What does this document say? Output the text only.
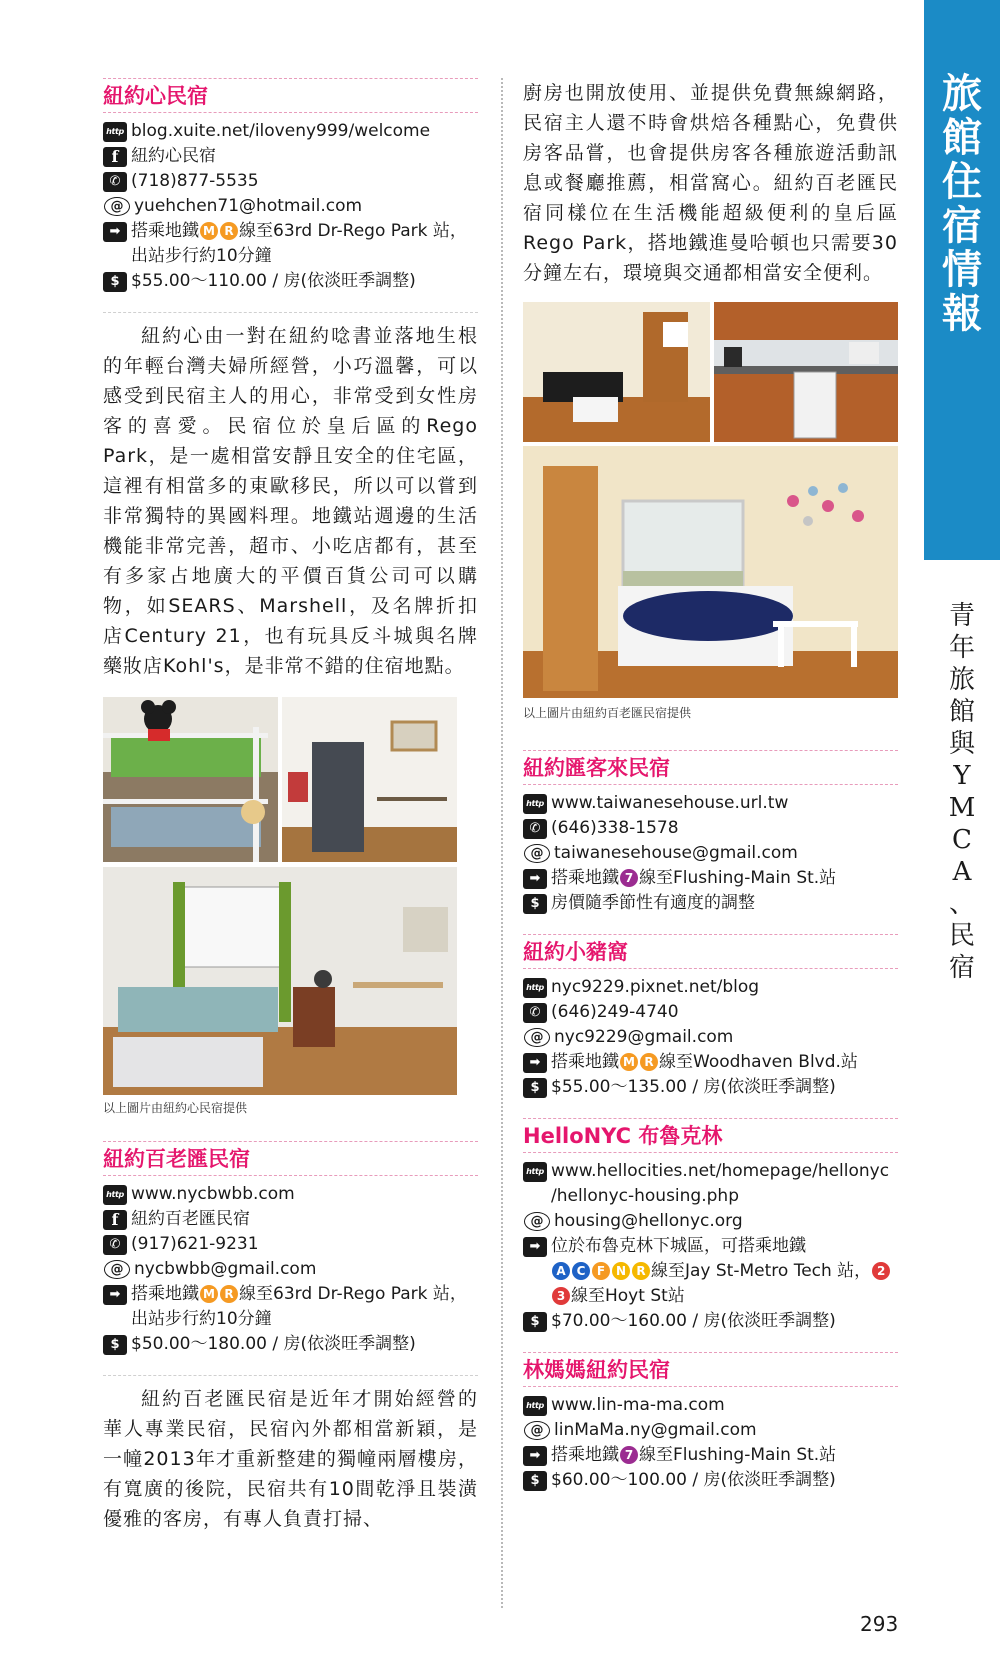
旅
館
住
宿
情
報
青
年
旅
館
與
Y
M
C
A
、
民
宿
紐約心民宿
http blog.xuite.net/iloveny999/welcome
f 紐約心民宿
✆ (718)877-5535
@ yuehchen71@hotmail.com
➡ 搭乘地鐵 M R 線至63rd Dr-Rego Park 站，出站步行約10分鐘
$ $55.00〜110.00 / 房(依淡旺季調整)

紐約心由一對在紐約唸書並落地生根的年輕台灣夫婦所經營，小巧溫馨，可以感受到民宿主人的用心，非常受到女性房客的喜愛。民宿位於皇后區的Rego Park，是一處相當安靜且安全的住宅區，這裡有相當多的東歐移民，所以可以嘗到非常獨特的異國料理。地鐵站週邊的生活機能非常完善，超市、小吃店都有，甚至有多家占地廣大的平價百貨公司可以購物，如SEARS、Marshell，及名牌折扣店Century 21，也有玩具反斗城與名牌藥妝店Kohl's，是非常不錯的住宿地點。

以上圖片由紐約心民宿提供
紐約百老匯民宿
http www.nycbwbb.com
f 紐約百老匯民宿
✆ (917)621-9231
@ nycbwbb@gmail.com
➡ 搭乘地鐵 M R 線至63rd Dr-Rego Park 站，出站步行約10分鐘
$ $50.00〜180.00 / 房(依淡旺季調整)

紐約百老匯民宿是近年才開始經營的華人專業民宿，民宿內外都相當新穎，是一幢2013年才重新整建的獨幢兩層樓房，有寬廣的後院，民宿共有10間乾淨且裝潢優雅的客房，有專人負責打掃、

廚房也開放使用、並提供免費無線網路，民宿主人還不時會烘焙各種點心，免費供房客品嘗，也會提供房客各種旅遊活動訊息或餐廳推薦，相當窩心。紐約百老匯民宿同樣位在生活機能超級便利的皇后區Rego Park，搭地鐵進曼哈頓也只需要30分鐘左右，環境與交通都相當安全便利。

以上圖片由紐約百老匯民宿提供
紐約匯客來民宿
http www.taiwanesehouse.url.tw
✆ (646)338-1578
@ taiwanesehouse@gmail.com
➡ 搭乘地鐵 7 線至Flushing-Main St.站
$ 房價隨季節性有適度的調整
紐約小豬窩
http nyc9229.pixnet.net/blog
✆ (646)249-4740
@ nyc9229@gmail.com
➡ 搭乘地鐵 M R 線至Woodhaven Blvd.站
$ $55.00〜135.00 / 房(依淡旺季調整)
HelloNYC 布魯克林
http www.hellocities.net/homepage/hellonyc /hellonyc-housing.php
@ housing@hellonyc.org
➡ 位於布魯克林下城區，可搭乘地鐵
A C F N R 線至Jay St-Metro Tech 站， 23 線至Hoyt St站
$ $70.00〜160.00 / 房(依淡旺季調整)
林媽媽紐約民宿
http www.lin-ma-ma.com
@ linMaMa.ny@gmail.com
➡ 搭乘地鐵 7 線至Flushing-Main St.站
$ $60.00〜100.00 / 房(依淡旺季調整)
293
